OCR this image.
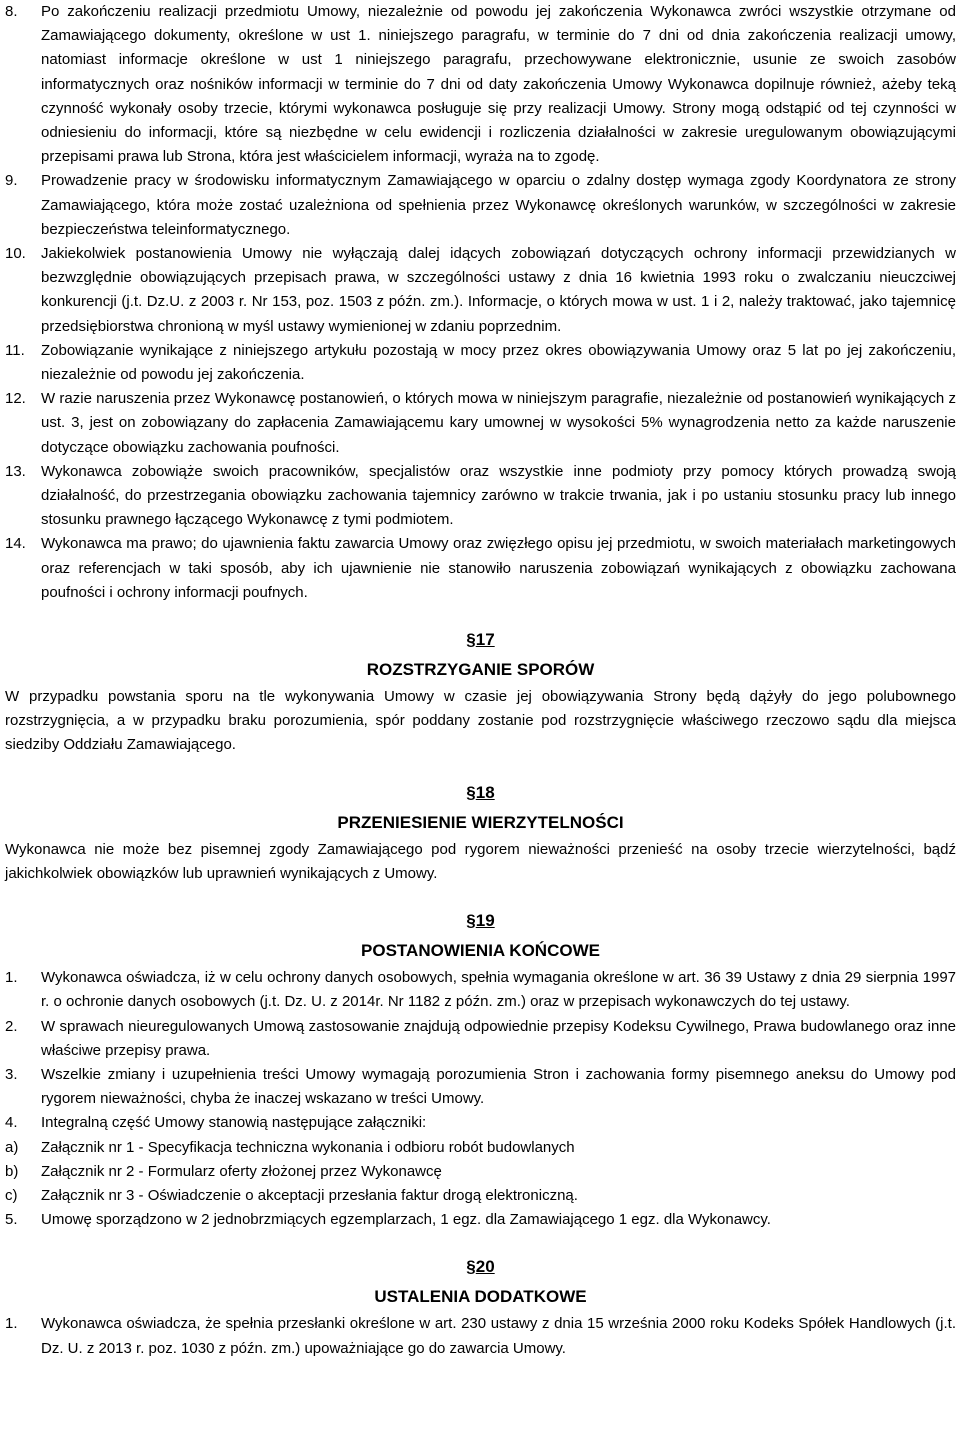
8.	Po zakończeniu realizacji przedmiotu Umowy, niezależnie od powodu jej zakończenia Wykonawca zwróci wszystkie otrzymane od Zamawiającego dokumenty, określone w ust 1. niniejszego paragrafu, w terminie do 7 dni od dnia zakończenia realizacji umowy, natomiast informacje określone w ust 1 niniejszego paragrafu, przechowywane elektronicznie, usunie ze swoich zasobów informatycznych oraz nośników informacji w terminie do 7 dni od daty zakończenia Umowy Wykonawca dopilnuje również, ażeby teką czynność wykonały osoby trzecie, którymi wykonawca posługuje się przy realizacji Umowy. Strony mogą odstąpić od tej czynności w odniesieniu do informacji, które są niezbędne w celu ewidencji i rozliczenia działalności w zakresie uregulowanym obowiązującymi przepisami prawa lub Strona, która jest właścicielem informacji, wyraża na to zgodę.
9.	Prowadzenie pracy w środowisku informatycznym Zamawiającego w oparciu o zdalny dostęp wymaga zgody Koordynatora ze strony Zamawiającego, która może zostać uzależniona od spełnienia przez Wykonawcę określonych warunków, w szczególności w zakresie bezpieczeństwa teleinformatycznego.
10.	Jakiekolwiek postanowienia Umowy nie wyłączają dalej idących zobowiązań dotyczących ochrony informacji przewidzianych w bezwzględnie obowiązujących przepisach prawa, w szczególności ustawy z dnia 16 kwietnia 1993 roku o zwalczaniu nieuczciwej konkurencji (j.t. Dz.U. z 2003 r. Nr 153, poz. 1503 z późn. zm.). Informacje, o których mowa w ust. 1 i 2, należy traktować, jako tajemnicę przedsiębiorstwa chronioną w myśl ustawy wymienionej w zdaniu poprzednim.
11.	Zobowiązanie wynikające z niniejszego artykułu pozostają w mocy przez okres obowiązywania Umowy oraz 5 lat po jej zakończeniu, niezależnie od powodu jej zakończenia.
12.	W razie naruszenia przez Wykonawcę postanowień, o których mowa w niniejszym paragrafie, niezależnie od postanowień wynikających z ust. 3, jest on zobowiązany do zapłacenia Zamawiającemu kary umownej w wysokości 5% wynagrodzenia netto za każde naruszenie dotyczące obowiązku zachowania poufności.
13.	Wykonawca zobowiąże swoich pracowników, specjalistów oraz wszystkie inne podmioty przy pomocy których prowadzą swoją działalność, do przestrzegania obowiązku zachowania tajemnicy zarówno w trakcie trwania, jak i po ustaniu stosunku pracy lub innego stosunku prawnego łączącego Wykonawcę z tymi podmiotem.
14.	Wykonawca ma prawo; do ujawnienia faktu zawarcia Umowy oraz zwięzłego opisu jej przedmiotu, w swoich materiałach marketingowych oraz referencjach w taki sposób, aby ich ujawnienie nie stanowiło naruszenia zobowiązań wynikających z obowiązku zachowana poufności i ochrony informacji poufnych.

§17

ROZSTRZYGANIE SPORÓW

W przypadku powstania sporu na tle wykonywania Umowy w czasie jej obowiązywania Strony będą dążyły do jego polubownego rozstrzygnięcia, a w przypadku braku porozumienia, spór poddany zostanie pod rozstrzygnięcie właściwego rzeczowo sądu dla miejsca siedziby Oddziału Zamawiającego.

§18

PRZENIESIENIE WIERZYTELNOŚCI

Wykonawca nie może bez pisemnej zgody Zamawiającego pod rygorem nieważności przenieść na osoby trzecie wierzytelności, bądź jakichkolwiek obowiązków lub uprawnień wynikających z Umowy.

§19

POSTANOWIENIA KOŃCOWE

1.	Wykonawca oświadcza, iż w celu ochrony danych osobowych, spełnia wymagania określone w art. 36 39 Ustawy z dnia 29 sierpnia 1997 r. o ochronie danych osobowych (j.t. Dz. U. z 2014r. Nr 1182 z późn. zm.) oraz w przepisach wykonawczych do tej ustawy.
2.	W sprawach nieuregulowanych Umową zastosowanie znajdują odpowiednie przepisy Kodeksu Cywilnego, Prawa budowlanego oraz inne właściwe przepisy prawa.
3.	Wszelkie zmiany i uzupełnienia treści Umowy wymagają porozumienia Stron i zachowania formy pisemnego aneksu do Umowy pod rygorem nieważności, chyba że inaczej wskazano w treści Umowy.
4.	Integralną część Umowy stanowią następujące załączniki:
a)	Załącznik nr 1 - Specyfikacja techniczna wykonania i odbioru robót budowlanych
b)	Załącznik nr 2 - Formularz oferty złożonej przez Wykonawcę
c)	Załącznik nr 3 - Oświadczenie o akceptacji przesłania faktur drogą elektroniczną.
5.	Umowę sporządzono w 2 jednobrzmiących egzemplarzach, 1 egz. dla Zamawiającego 1 egz. dla Wykonawcy.

§20

USTALENIA DODATKOWE

1.	Wykonawca oświadcza, że spełnia przesłanki określone w art. 230 ustawy z dnia 15 września 2000 roku Kodeks Spółek Handlowych (j.t. Dz. U. z 2013 r. poz. 1030 z późn. zm.) upoważniające go do zawarcia Umowy.
